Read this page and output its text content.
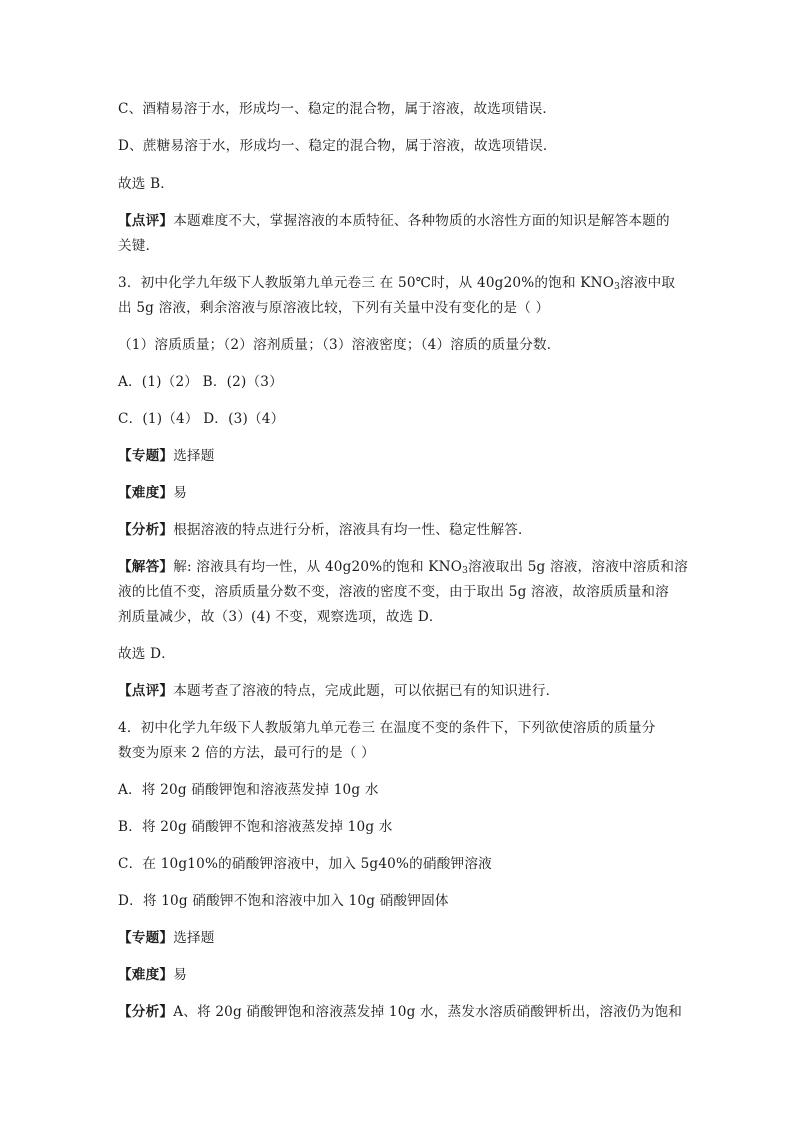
C、酒精易溶于水，形成均一、稳定的混合物，属于溶液，故选项错误．
D、蔗糖易溶于水，形成均一、稳定的混合物，属于溶液，故选项错误．
故选 B．
【点评】本题难度不大，掌握溶液的本质特征、各种物质的水溶性方面的知识是解答本题的
关键．
3．初中化学九年级下人教版第九单元卷三 在 50℃时，从 40g20%的饱和 $KNO_3$溶液中取
出 5g 溶液，剩余溶液与原溶液比较，下列有关量中没有变化的是（ ）
（1）溶质质量；（2）溶剂质量；（3）溶液密度；（4）溶质的质量分数．
A．(1)（2） B．(2)（3）
C．(1)（4） D．(3)（4）
【专题】选择题
【难度】易
【分析】根据溶液的特点进行分析，溶液具有均一性、稳定性解答．
【解答】解: 溶液具有均一性，从 40g20%的饱和 $KNO_3$溶液取出 5g 溶液，溶液中溶质和溶
液的比值不变，溶质质量分数不变，溶液的密度不变，由于取出 5g 溶液，故溶质质量和溶
剂质量减少，故（3）(4) 不变，观察选项，故选 D．
故选 D．
【点评】本题考查了溶液的特点，完成此题，可以依据已有的知识进行．
4．初中化学九年级下人教版第九单元卷三 在温度不变的条件下，下列欲使溶质的质量分
数变为原来 2 倍的方法，最可行的是（ ）
A．将 20g 硝酸钾饱和溶液蒸发掉 10g 水
B．将 20g 硝酸钾不饱和溶液蒸发掉 10g 水
C．在 10g10%的硝酸钾溶液中，加入 5g40%的硝酸钾溶液
D．将 10g 硝酸钾不饱和溶液中加入 10g 硝酸钾固体
【专题】选择题
【难度】易
【分析】A、将 20g 硝酸钾饱和溶液蒸发掉 10g 水，蒸发水溶质硝酸钾析出，溶液仍为饱和
